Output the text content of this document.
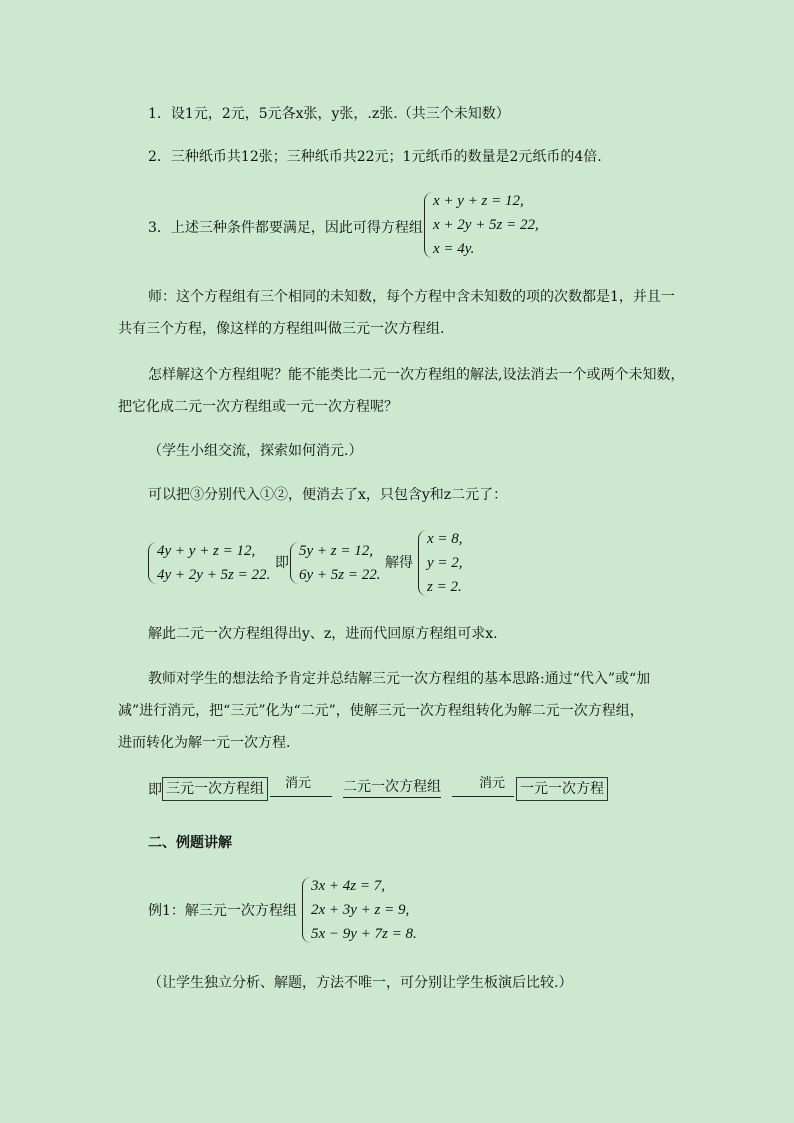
1．设1元，2元，5元各x张，y张，.z张.（共三个未知数）
2．三种纸币共12张；三种纸币共22元；1元纸币的数量是2元纸币的4倍.
3．上述三种条件都要满足，因此可得方程组
x + y + z = 12,
x + 2y + 5z = 22,
x = 4y.
师：这个方程组有三个相同的未知数，每个方程中含未知数的项的次数都是1，并且一
共有三个方程，像这样的方程组叫做三元一次方程组.
怎样解这个方程组呢？能不能类比二元一次方程组的解法,设法消去一个或两个未知数，
把它化成二元一次方程组或一元一次方程呢？
（学生小组交流，探索如何消元.）
可以把③分别代入①②，便消去了x，只包含y和z二元了：
4y + y + z = 12,
4y + 2y + 5z = 22.
即
5y + z = 12,
6y + 5z = 22.
解得
x = 8,
y = 2,
z = 2.
解此二元一次方程组得出y、z，进而代回原方程组可求x.
教师对学生的想法给予肯定并总结解三元一次方程组的基本思路:通过“代入”或“加
减”进行消元，把“三元”化为“二元”，使解三元一次方程组转化为解二元一次方程组，
进而转化为解一元一次方程.
即 三元一次方程组	消元 二元一次方程组	消元 一元一次方程
二、例题讲解
例1：解三元一次方程组
3x + 4z = 7,
2x + 3y + z = 9,
5x − 9y + 7z = 8.
（让学生独立分析、解题，方法不唯一，可分别让学生板演后比较.）
